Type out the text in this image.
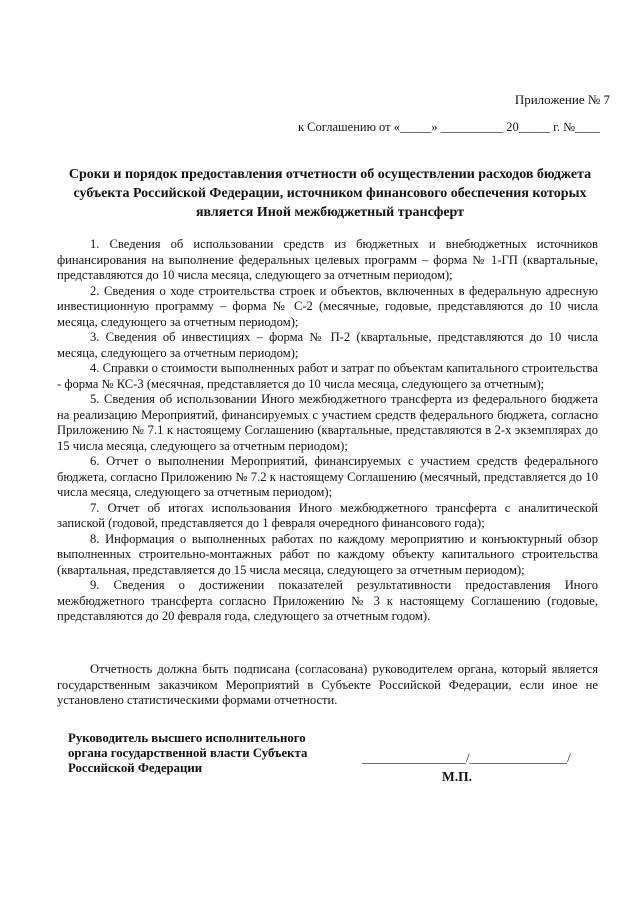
Приложение № 7
к Соглашению от «_____» __________ 20_____ г. №____
Сроки и порядок предоставления отчетности об осуществлении расходов бюджета субъекта Российской Федерации, источником финансового обеспечения которых является Иной межбюджетный трансферт

1. Сведения об использовании средств из бюджетных и внебюджетных источников финансирования на выполнение федеральных целевых программ – форма № 1-ГП (квартальные, представляются до 10 числа месяца, следующего за отчетным периодом);

2. Сведения о ходе строительства строек и объектов, включенных в федеральную адресную инвестиционную программу – форма № С-2 (месячные, годовые, представляются до 10 числа месяца, следующего за отчетным периодом);

3. Сведения об инвестициях – форма № П-2 (квартальные, представляются до 10 числа месяца, следующего за отчетным периодом);

4. Справки о стоимости выполненных работ и затрат по объектам капитального строительства - форма № КС-3 (месячная, представляется до 10 числа месяца, следующего за отчетным);

5. Сведения об использовании Иного межбюджетного трансферта из федерального бюджета на реализацию Мероприятий, финансируемых с участием средств федерального бюджета, согласно Приложению № 7.1 к настоящему Соглашению (квартальные, представляются в 2-х экземплярах до 15 числа месяца, следующего за отчетным периодом);

6. Отчет о выполнении Мероприятий, финансируемых с участием средств федерального бюджета, согласно Приложению № 7.2 к настоящему Соглашению (месячный, представляется до 10 числа месяца, следующего за отчетным периодом);

7. Отчет об итогах использования Иного межбюджетного трансферта с аналитической запиской (годовой, представляется до 1 февраля очередного финансового года);

8. Информация о выполненных работах по каждому мероприятию и конъюктурный обзор выполненных строительно-монтажных работ по каждому объекту капитального строительства (квартальная, представляется до 15 числа месяца, следующего за отчетным периодом);

9. Сведения о достижении показателей результативности предоставления Иного межбюджетного трансферта согласно Приложению № 3 к настоящему Соглашению (годовые, представляются до 20 февраля года, следующего за отчетным годом).

Отчетность должна быть подписана (согласована) руководителем органа, который является государственным заказчиком Мероприятий в Субъекте Российской Федерации, если иное не установлено статистическими формами отчетности.
Руководитель высшего исполнительного
органа государственной власти Субъекта
Российской Федерации
________________/_______________/
М.П.
